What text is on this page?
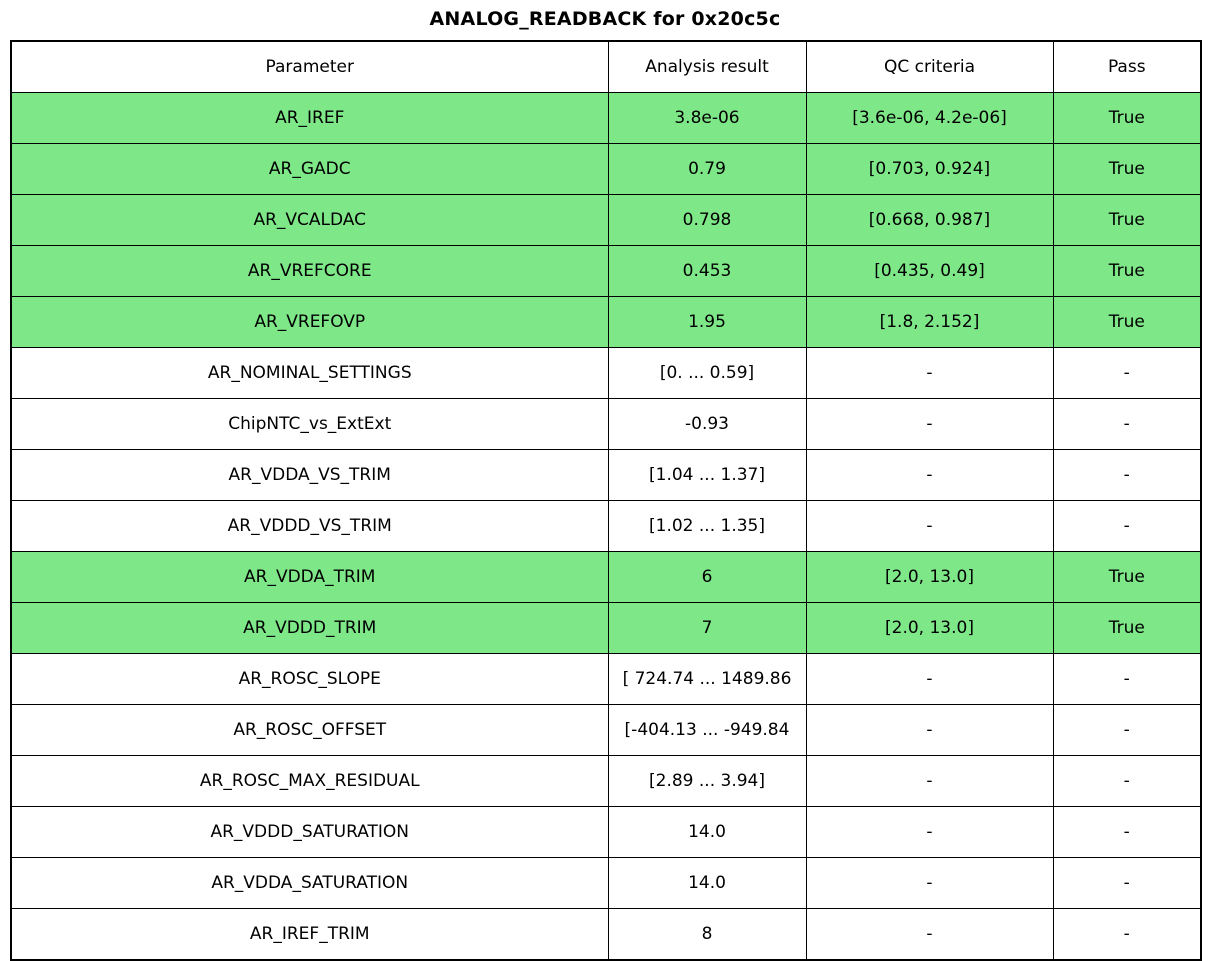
ANALOG_READBACK for 0x20c5c
Parameter	Analysis result	QC criteria	Pass
AR_IREF	3.8e-06	[3.6e-06, 4.2e-06]	True
AR_GADC	0.79	[0.703, 0.924]	True
AR_VCALDAC	0.798	[0.668, 0.987]	True
AR_VREFCORE	0.453	[0.435, 0.49]	True
AR_VREFOVP	1.95	[1.8, 2.152]	True
AR_NOMINAL_SETTINGS	[0. ... 0.59]	-	-
ChipNTC_vs_ExtExt	-0.93	-	-
AR_VDDA_VS_TRIM	[1.04 ... 1.37]	-	-
AR_VDDD_VS_TRIM	[1.02 ... 1.35]	-	-
AR_VDDA_TRIM	6	[2.0, 13.0]	True
AR_VDDD_TRIM	7	[2.0, 13.0]	True
AR_ROSC_SLOPE	[ 724.74 ... 1489.86	-	-
AR_ROSC_OFFSET	[-404.13 ... -949.84	-	-
AR_ROSC_MAX_RESIDUAL	[2.89 ... 3.94]	-	-
AR_VDDD_SATURATION	14.0	-	-
AR_VDDA_SATURATION	14.0	-	-
AR_IREF_TRIM	8	-	-
